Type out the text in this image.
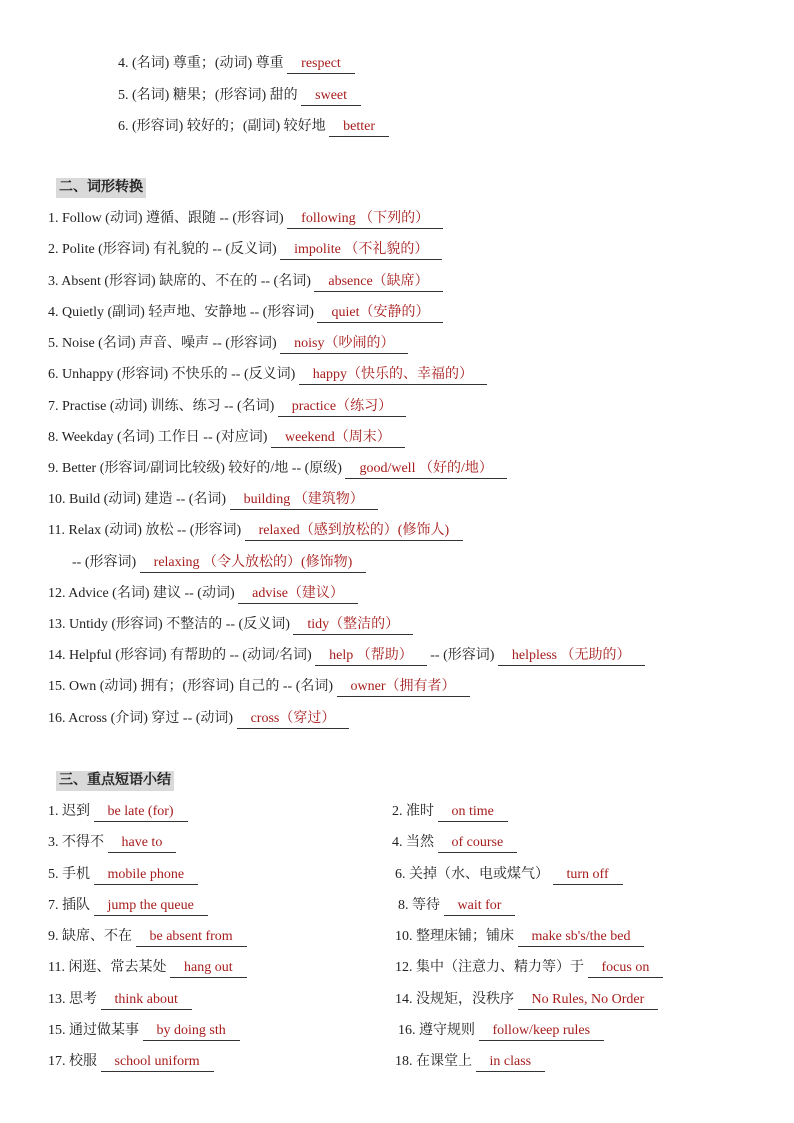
4. (名词) 尊重；(动词) 尊重 respect
5. (名词) 糖果；(形容词) 甜的 sweet
6. (形容词) 较好的；(副词) 较好地 better
二、词形转换
1. Follow (动词) 遵循、跟随 -- (形容词) following （下列的）
2. Polite (形容词) 有礼貌的 -- (反义词) impolite （不礼貌的）
3. Absent (形容词) 缺席的、不在的 -- (名词) absence（缺席）
4. Quietly (副词) 轻声地、安静地 -- (形容词) quiet（安静的）
5. Noise (名词) 声音、噪声 -- (形容词) noisy（吵闹的）
6. Unhappy (形容词) 不快乐的 -- (反义词) happy（快乐的、幸福的）
7. Practise (动词) 训练、练习 -- (名词) practice（练习）
8. Weekday (名词) 工作日 -- (对应词) weekend（周末）
9. Better (形容词/副词比较级) 较好的/地 -- (原级) good/well （好的/地）
10. Build (动词) 建造 -- (名词) building （建筑物）
11. Relax (动词) 放松 -- (形容词) relaxed（感到放松的）(修饰人)
-- (形容词) relaxing （令人放松的）(修饰物)
12. Advice (名词) 建议 -- (动词) advise（建议）
13. Untidy (形容词) 不整洁的 -- (反义词) tidy（整洁的）
14. Helpful (形容词) 有帮助的 -- (动词/名词) help （帮助） -- (形容词) helpless （无助的）
15. Own (动词) 拥有；(形容词) 自己的 -- (名词) owner（拥有者）
16. Across (介词) 穿过 -- (动词) cross（穿过）
三、重点短语小结
1. 迟到 be late (for)
3. 不得不 have to
5. 手机 mobile phone
7. 插队 jump the queue
9. 缺席、不在 be absent from
11. 闲逛、常去某处 hang out
13. 思考 think about
15. 通过做某事 by doing sth
17. 校服 school uniform
2. 准时 on time
4. 当然 of course
6. 关掉（水、电或煤气） turn off
8. 等待 wait for
10. 整理床铺；铺床 make sb's/the bed
12. 集中（注意力、精力等）于 focus on
14. 没规矩，没秩序 No Rules, No Order
16. 遵守规则 follow/keep rules
18. 在课堂上 in class
